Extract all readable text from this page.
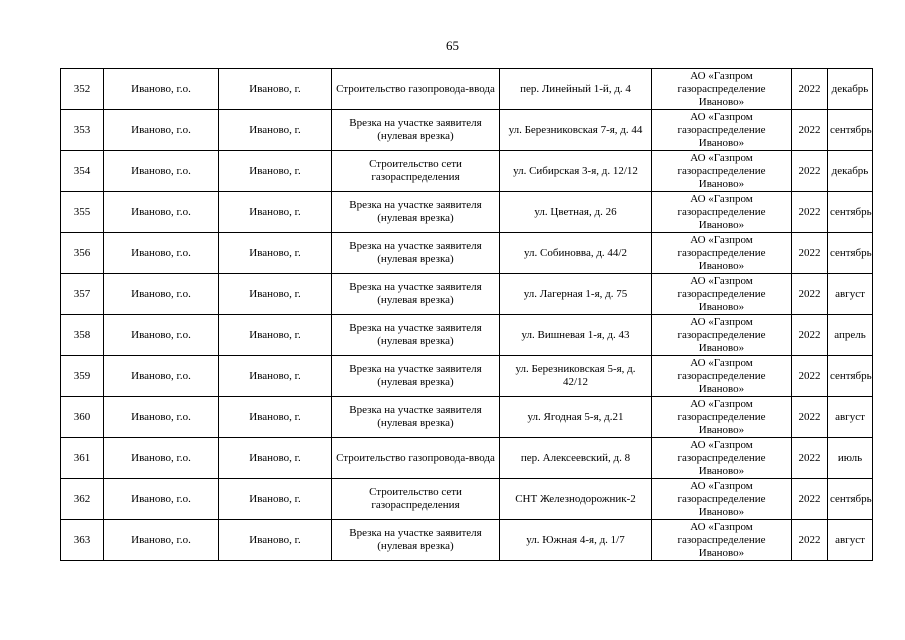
65
352	Иваново, г.о.	Иваново, г.	Строительство газопровода-ввода	пер. Линейный 1-й, д. 4	АО «Газпром газораспределение Иваново»	2022	декабрь
353	Иваново, г.о.	Иваново, г.	Врезка на участке заявителя (нулевая врезка)	ул. Березниковская 7-я, д. 44	АО «Газпром газораспределение Иваново»	2022	сентябрь
354	Иваново, г.о.	Иваново, г.	Строительство сети газораспределения	ул. Сибирская 3-я, д. 12/12	АО «Газпром газораспределение Иваново»	2022	декабрь
355	Иваново, г.о.	Иваново, г.	Врезка на участке заявителя (нулевая врезка)	ул. Цветная, д. 26	АО «Газпром газораспределение Иваново»	2022	сентябрь
356	Иваново, г.о.	Иваново, г.	Врезка на участке заявителя (нулевая врезка)	ул. Собиновва, д. 44/2	АО «Газпром газораспределение Иваново»	2022	сентябрь
357	Иваново, г.о.	Иваново, г.	Врезка на участке заявителя (нулевая врезка)	ул. Лагерная 1-я, д. 75	АО «Газпром газораспределение Иваново»	2022	август
358	Иваново, г.о.	Иваново, г.	Врезка на участке заявителя (нулевая врезка)	ул. Вишневая 1-я, д. 43	АО «Газпром газораспределение Иваново»	2022	апрель
359	Иваново, г.о.	Иваново, г.	Врезка на участке заявителя (нулевая врезка)	ул. Березниковская 5-я, д. 42/12	АО «Газпром газораспределение Иваново»	2022	сентябрь
360	Иваново, г.о.	Иваново, г.	Врезка на участке заявителя (нулевая врезка)	ул. Ягодная 5-я, д.21	АО «Газпром газораспределение Иваново»	2022	август
361	Иваново, г.о.	Иваново, г.	Строительство газопровода-ввода	пер. Алексеевский, д. 8	АО «Газпром газораспределение Иваново»	2022	июль
362	Иваново, г.о.	Иваново, г.	Строительство сети газораспределения	СНТ Железнодорожник-2	АО «Газпром газораспределение Иваново»	2022	сентябрь
363	Иваново, г.о.	Иваново, г.	Врезка на участке заявителя (нулевая врезка)	ул. Южная 4-я, д. 1/7	АО «Газпром газораспределение Иваново»	2022	август
